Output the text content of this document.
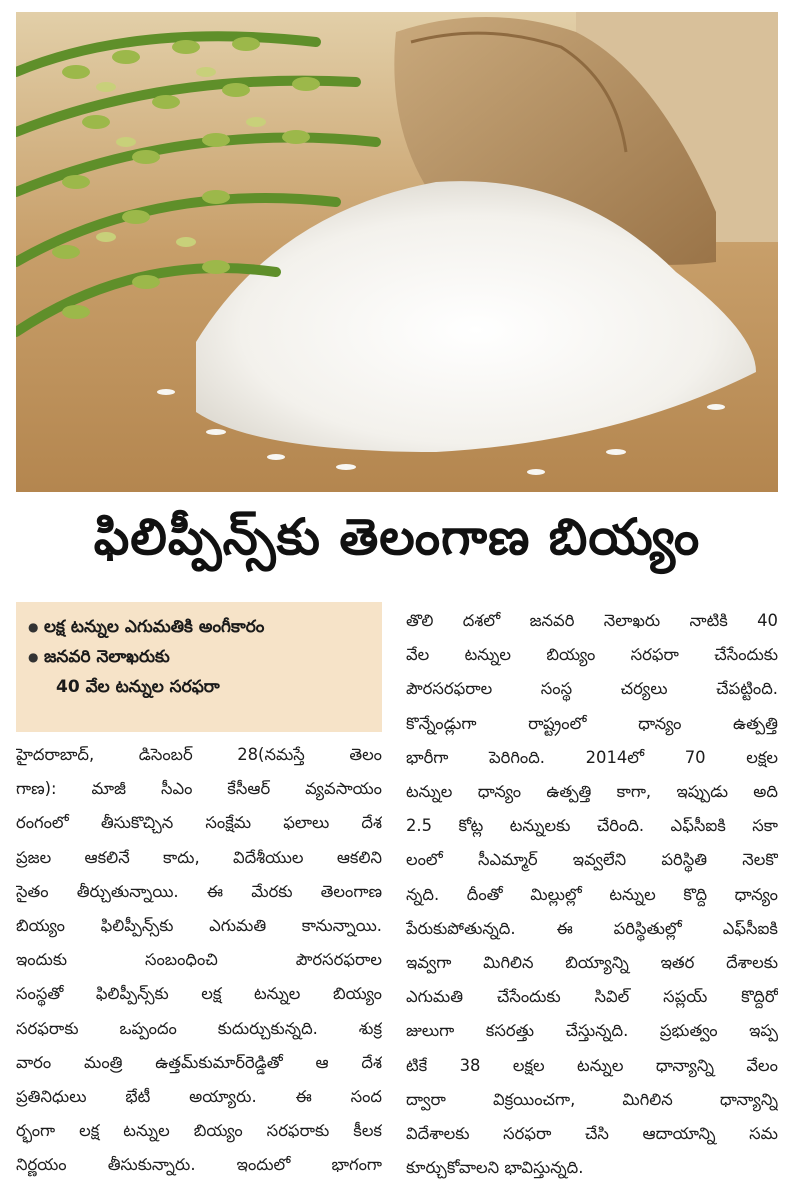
ఫిలిప్పీన్స్‌కు తెలంగాణ బియ్యం
● లక్ష టన్నుల ఎగుమతికి అంగీకారం
● జనవరి నెలాఖరుకు
40 వేల టన్నుల సరఫరా

హైదరాబాద్, డిసెంబర్ 28(నమస్తే తెలం

గాణ): మాజీ సీఎం కేసీఆర్ వ్యవసాయం

రంగంలో తీసుకొచ్చిన సంక్షేమ ఫలాలు దేశ

ప్రజల ఆకలినే కాదు, విదేశీయుల ఆకలిని

సైతం తీర్చుతున్నాయి. ఈ మేరకు తెలంగాణ

బియ్యం ఫిలిప్పీన్స్‌కు ఎగుమతి కానున్నాయి.

ఇందుకు సంబంధించి పౌరసరఫరాల

సంస్థతో ఫిలిప్పీన్స్‌కు లక్ష టన్నుల బియ్యం

సరఫరాకు ఒప్పందం కుదుర్చుకున్నది. శుక్ర

వారం మంత్రి ఉత్తమ్‌కుమార్‌రెడ్డితో ఆ దేశ

ప్రతినిధులు భేటీ అయ్యారు. ఈ సంద

ర్భంగా లక్ష టన్నుల బియ్యం సరఫరాకు కీలక

నిర్ణయం తీసుకున్నారు. ఇందులో భాగంగా

తొలి దశలో జనవరి నెలాఖరు నాటికి 40

వేల టన్నుల బియ్యం సరఫరా చేసేందుకు

పౌరసరఫరాల సంస్థ చర్యలు చేపట్టింది.

కొన్నేండ్లుగా రాష్ట్రంలో ధాన్యం ఉత్పత్తి

భారీగా పెరిగింది. 2014లో 70 లక్షల

టన్నుల ధాన్యం ఉత్పత్తి కాగా, ఇప్పుడు అది

2.5 కోట్ల టన్నులకు చేరింది. ఎఫ్‌సీఐకి సకా

లంలో సీఎమ్మార్ ఇవ్వలేని పరిస్థితి నెలకొ

న్నది. దీంతో మిల్లుల్లో టన్నుల కొద్ది ధాన్యం

పేరుకుపోతున్నది. ఈ పరిస్థితుల్లో ఎఫ్‌సీఐకి

ఇవ్వగా మిగిలిన బియ్యాన్ని ఇతర దేశాలకు

ఎగుమతి చేసేందుకు సివిల్ సప్లయ్ కొద్దిరో

జులుగా కసరత్తు చేస్తున్నది. ప్రభుత్వం ఇప్ప

టికే 38 లక్షల టన్నుల ధాన్యాన్ని వేలం

ద్వారా విక్రయించగా, మిగిలిన ధాన్యాన్ని

విదేశాలకు సరఫరా చేసి ఆదాయాన్ని సమ

కూర్చుకోవాలని భావిస్తున్నది.
